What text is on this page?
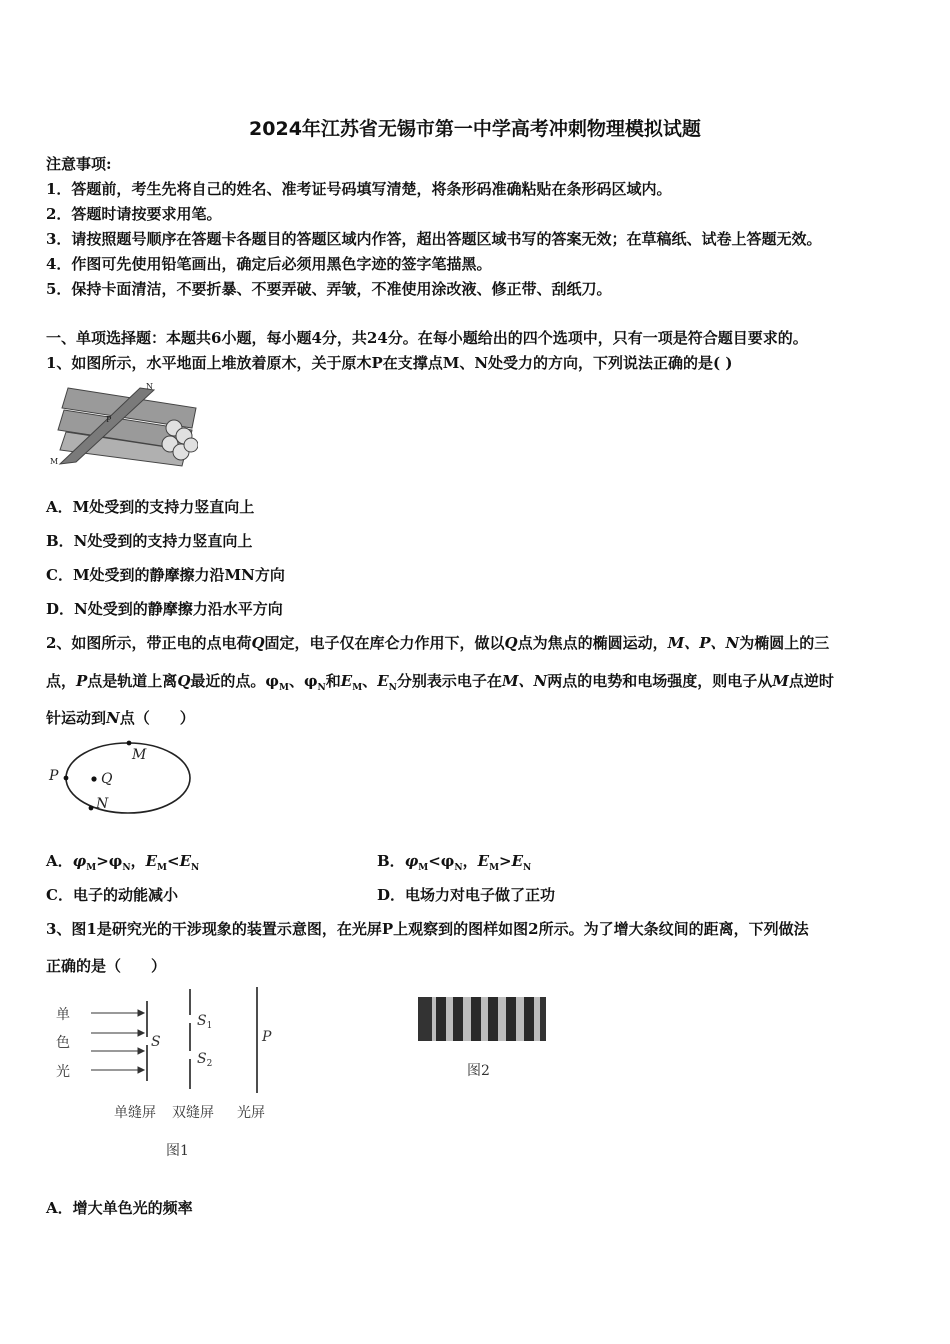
2024年江苏省无锡市第一中学高考冲刺物理模拟试题
注意事项:
1．答题前，考生先将自己的姓名、准考证号码填写清楚，将条形码准确粘贴在条形码区域内。
2．答题时请按要求用笔。
3．请按照题号顺序在答题卡各题目的答题区域内作答，超出答题区域书写的答案无效；在草稿纸、试卷上答题无效。
4．作图可先使用铅笔画出，确定后必须用黑色字迹的签字笔描黑。
5．保持卡面清洁，不要折暴、不要弄破、弄皱，不准使用涂改液、修正带、刮纸刀。
一、单项选择题：本题共6小题，每小题4分，共24分。在每小题给出的四个选项中，只有一项是符合题目要求的。
1、如图所示，水平地面上堆放着原木，关于原木P在支撑点M、N处受力的方向，下列说法正确的是( )
N
P
M
A．M处受到的支持力竖直向上
B．N处受到的支持力竖直向上
C．M处受到的静摩擦力沿MN方向
D．N处受到的静摩擦力沿水平方向
2、如图所示，带正电的点电荷Q固定，电子仅在库仑力作用下，做以Q点为焦点的椭圆运动，M、P、N为椭圆上的三
点，P点是轨道上离Q最近的点。$\varphi_M$、$\varphi_N$和$E_M$、$E_N$分别表示电子在M、N两点的电势和电场强度，则电子从M点逆时
针运动到N点（　　）
M
P	Q
N
A．$\varphi_M>\varphi_N$，$E_M<E_N$	B．$\varphi_M<\varphi_N$，$E_M>E_N$
C．电子的动能减小	D．电场力对电子做了正功
3、图1是研究光的干涉现象的装置示意图，在光屏P上观察到的图样如图2所示。为了增大条纹间的距离，下列做法
正确的是（　　）
单
色
光
S
$S_1$
$S_2$
P
单缝屏 双缝屏 光屏
图1
图2
A．增大单色光的频率
